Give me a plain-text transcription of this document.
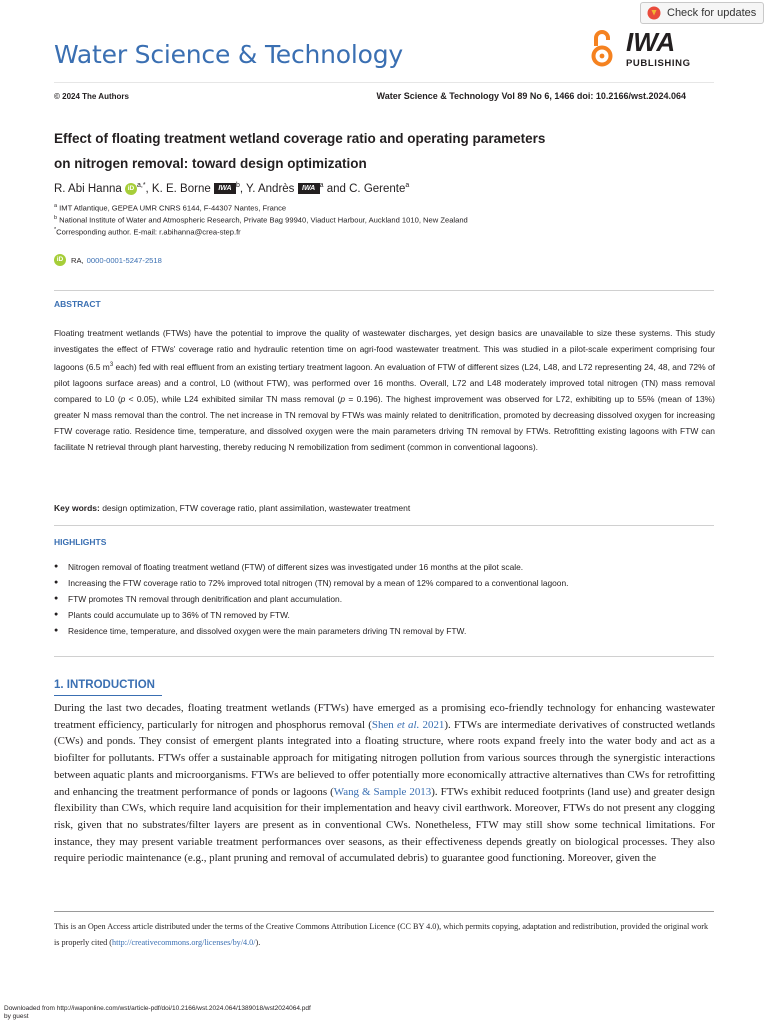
Check for updates
Water Science & Technology	IWA
PUBLISHING
© 2024 The Authors	Water Science & Technology Vol 89 No 6, 1466 doi: 10.2166/wst.2024.064
Effect of floating treatment wetland coverage ratio and operating parameters
on nitrogen removal: toward design optimization
R. Abi Hanna iD $^{a,*}$, K. E. Borne IWA $^b$, Y. Andrès IWA $^a$ and C. Gerente$^a$
$^a$ IMT Atlantique, GEPEA UMR CNRS 6144, F-44307 Nantes, France
$^b$ National Institute of Water and Atmospheric Research, Private Bag 99940, Viaduct Harbour, Auckland 1010, New Zealand
*Corresponding author. E-mail: r.abihanna@crea-step.fr
iD	RA, 0000-0001-5247-2518
ABSTRACT
Floating treatment wetlands (FTWs) have the potential to improve the quality of wastewater discharges, yet design basics are unavailable to size these systems. This study investigates the effect of FTWs' coverage ratio and hydraulic retention time on agri-food wastewater treatment. This was studied in a pilot-scale experiment comprising four lagoons (6.5 $m^3$ each) fed with real effluent from an existing tertiary treatment lagoon. An evaluation of FTW of different sizes (L24, L48, and L72 representing 24, 48, and 72% of pilot lagoons surface areas) and a control, L0 (without FTW), was performed over 16 months. Overall, L72 and L48 moderately improved total nitrogen (TN) mass removal compared to L0 (p < 0.05), while L24 exhibited similar TN mass removal (p = 0.196). The highest improvement was observed for L72, exhibiting up to 55% (mean of 13%) greater N mass removal than the control. The net increase in TN removal by FTWs was mainly related to denitrification, promoted by decreasing dissolved oxygen for increasing FTW coverage ratio. Residence time, temperature, and dissolved oxygen were the main parameters driving TN removal by FTWs. Retrofitting existing lagoons with FTW can facilitate N retrieval through plant harvesting, thereby reducing N remobilization from sediment (common in conventional lagoons).
Key words: design optimization, FTW coverage ratio, plant assimilation, wastewater treatment
HIGHLIGHTS
● Nitrogen removal of floating treatment wetland (FTW) of different sizes was investigated under 16 months at the pilot scale.
● Increasing the FTW coverage ratio to 72% improved total nitrogen (TN) removal by a mean of 12% compared to a conventional lagoon.
● FTW promotes TN removal through denitrification and plant accumulation.
● Plants could accumulate up to 36% of TN removed by FTW.
● Residence time, temperature, and dissolved oxygen were the main parameters driving TN removal by FTW.
1. INTRODUCTION
During the last two decades, floating treatment wetlands (FTWs) have emerged as a promising eco-friendly technology for enhancing wastewater treatment efficiency, particularly for nitrogen and phosphorus removal (Shen et al. 2021). FTWs are intermediate derivatives of constructed wetlands (CWs) and ponds. They consist of emergent plants integrated into a floating structure, where roots expand freely into the water body and act as a biofilter for pollutants. FTWs offer a sustainable approach for mitigating nitrogen pollution from various sources through the synergistic interactions between aquatic plants and microorganisms. FTWs are believed to offer potentially more economically attractive alternatives than CWs for retrofitting and enhancing the treatment performance of ponds or lagoons (Wang & Sample 2013). FTWs exhibit reduced footprints (land use) and greater design flexibility than CWs, which require land acquisition for their implementation and heavy civil earthwork. Moreover, FTWs do not present any clogging risk, given that no substrates/filter layers are present as in conventional CWs. Nonetheless, FTW may still show some technical limitations. For instance, they may present variable treatment performances over seasons, as their effectiveness depends greatly on biological processes. They also require periodic maintenance (e.g., plant pruning and removal of accumulated debris) to guarantee good functioning. Moreover, given the
This is an Open Access article distributed under the terms of the Creative Commons Attribution Licence (CC BY 4.0), which permits copying, adaptation and redistribution, provided the original work is properly cited (http://creativecommons.org/licenses/by/4.0/).
Downloaded from http://iwaponline.com/wst/article-pdf/doi/10.2166/wst.2024.064/1389018/wst2024064.pdf
by guest
